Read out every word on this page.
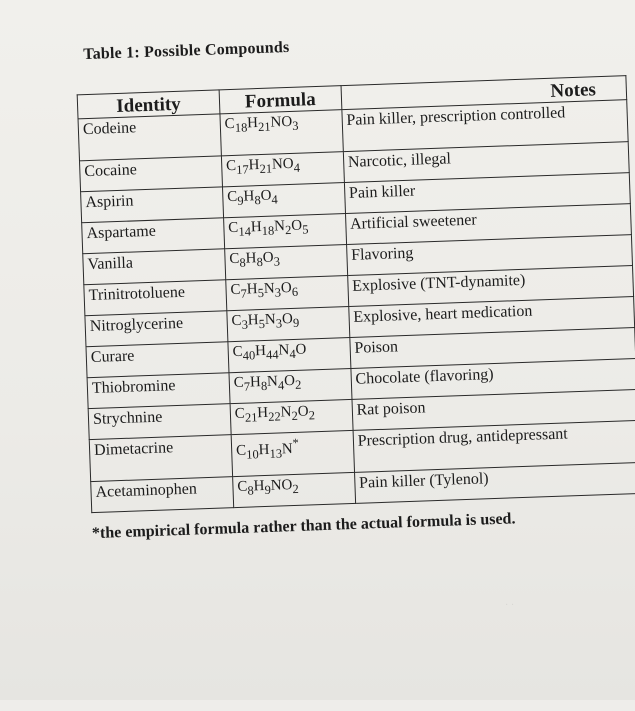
Table 1: Possible Compounds
Identity	Formula	Notes
Codeine	$C_{18}H_{21}NO_3$	Pain killer, prescription controlled
Cocaine	$C_{17}H_{21}NO_4$	Narcotic, illegal
Aspirin	$C_9H_8O_4$	Pain killer
Aspartame	$C_{14}H_{18}N_2O_5$	Artificial sweetener
Vanilla	$C_8H_8O_3$	Flavoring
Trinitrotoluene	$C_7H_5N_3O_6$	Explosive (TNT-dynamite)
Nitroglycerine	$C_3H_5N_3O_9$	Explosive, heart medication
Curare	$C_{40}H_{44}N_4O$	Poison
Thiobromine	$C_7H_8N_4O_2$	Chocolate (flavoring)
Strychnine	$C_{21}H_{22}N_2O_2$	Rat poison
Dimetacrine	$C_{10}H_{13}N^*$	Prescription drug, antidepressant
Acetaminophen	$C_8H_9NO_2$	Pain killer (Tylenol)
*the empirical formula rather than the actual formula is used.
· ·
